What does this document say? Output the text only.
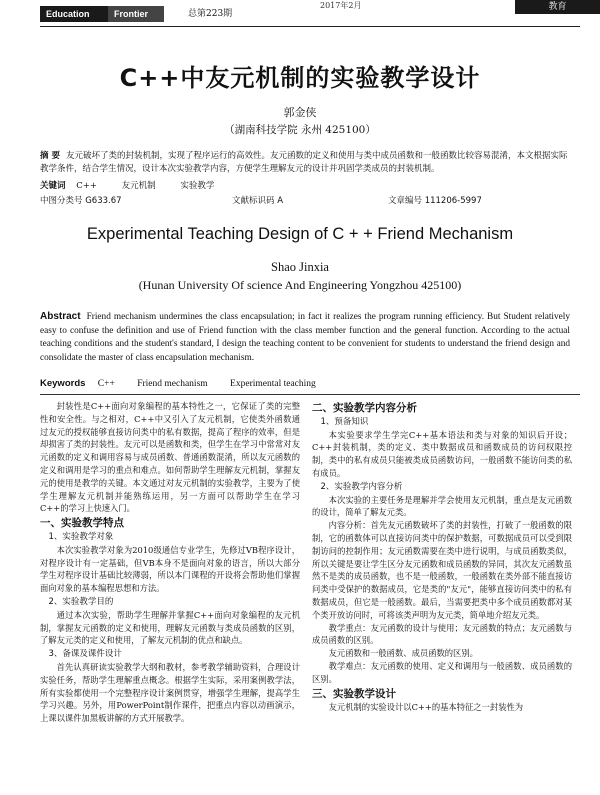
Education	Frontier	总第223期
2017年2月	教育
C++中友元机制的实验教学设计
郭金侠
（湖南科技学院 永州 425100）
摘 要 友元破坏了类的封装机制，实现了程序运行的高效性。友元函数的定义和使用与类中成员函数和一般函数比较容易混淆，本文根据实际教学条件，结合学生情况，设计本次实验教学内容，方便学生理解友元的设计并巩固学类成员的封装机制。
关键词 C++	友元机制	实验教学
中图分类号 G633.67	文献标识码 A	文章编号 111206-5997
Experimental Teaching Design of C + + Friend Mechanism
Shao Jinxia
(Hunan University Of science And Engineering Yongzhou 425100)
Abstract Friend mechanism undermines the class encapsulation; in fact it realizes the program running efficiency. But Student relatively easy to confuse the definition and use of Friend function with the class member function and the general function. According to the actual teaching conditions and the student's standard, I design the teaching content to be convenient for students to understand the friend design and consolidate the master of class encapsulation mechanism.
Keywords C++ Friend mechanism Experimental teaching

封装性是C++面向对象编程的基本特性之一，它保证了类的完整性和安全性。与之相对，C++中又引入了友元机制，它使类外函数通过友元的授权能够直接访问类中的私有数据，提高了程序的效率，但是却损害了类的封装性。友元可以是函数和类，但学生在学习中常常对友元函数的定义和调用容易与成员函数、普通函数混淆，所以友元函数的定义和调用是学习的重点和难点。如何帮助学生理解友元机制，掌握友元的使用是教学的关键。本文通过对友元机制的实验教学，主要为了使学生理解友元机制并能熟练运用，另一方面可以帮助学生在学习C++的学习上快速入门。

一、实验教学特点
1、实验教学对象

本次实验教学对象为2010级通信专业学生，先修过VB程序设计，对程序设计有一定基础，但VB本身不是面向对象的语言，所以大部分学生对程序设计基础比较薄弱，所以本门课程的开设将会帮助他们掌握面向对象的基本编程思想和方法。

2、实验教学目的

通过本次实验，帮助学生理解并掌握C++面向对象编程的友元机制，掌握友元函数的定义和使用，理解友元函数与类成员函数的区别，了解友元类的定义和使用，了解友元机制的优点和缺点。

3、备课及课件设计

首先认真研读实验教学大纲和教材，参考教学辅助资料，合理设计实验任务，帮助学生理解重点概念。根据学生实际，采用案例教学法，所有实验都使用一个完整程序设计案例贯穿，增强学生理解，提高学生学习兴趣。另外，用PowerPoint制作课件，把重点内容以动画演示，上课以课件加黑板讲解的方式开展教学。

二、实验教学内容分析
1、预备知识

本实验要求学生学完C++基本语法和类与对象的知识后开设；C++封装机制，类的定义、类中数据成员和函数成员的访问权限控制，类中的私有成员只能被类成员函数访问，一般函数不能访问类的私有成员。

2、实验教学内容分析

本次实验的主要任务是理解并学会使用友元机制，重点是友元函数的设计，简单了解友元类。

内容分析：首先友元函数破坏了类的封装性，打破了一般函数的限制，它的函数体可以直接访问类中的保护数据，可数据成员可以受到限制访问的控制作用；友元函数需要在类中进行说明，与成员函数类似，所以关键是要让学生区分友元函数和成员函数的异同，其次友元函数虽然不是类的成员函数，也不是一般函数，一般函数在类外部不能直接访问类中受保护的数据成员，它是类的"友元"，能够直接访问类中的私有数据成员，但它是一般函数。最后，当需要把类中多个成员函数都对某个类开放访问时，可将该类声明为友元类，简单地介绍友元类。

教学重点：友元函数的设计与使用；友元函数的特点；友元函数与成员函数的区别。

友元函数和一般函数、成员函数的区别。

教学难点：友元函数的使用、定义和调用与一般函数、成员函数的区别。

三、实验教学设计

友元机制的实验设计以C++的基本特征之一封装性为
